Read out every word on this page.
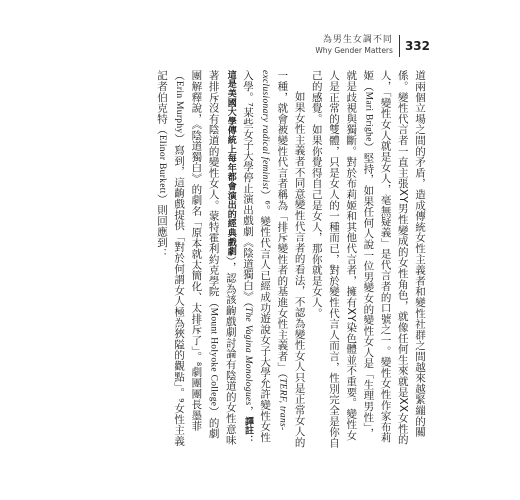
為男生女調不同
Why Gender Matters 332

道兩個立場之間的矛盾，造成傳統女性主義者和變性社群之間越來越緊繃的關係。變性代言者一直主張XY男性變成的女性角色，就像任何生來就是XX女性的人，「變性女人就是女人，毫無疑義」是代言者的口號之一。變性女性作家布莉姬（Mari Brighe）堅持，如果任何人說一位男變女的變性女人是「生理男性」，就是歧視與獨斷。對於布莉姬和其他代言者，擁有XY染色體並不重要。變性女人是正常的雙體，只是女人的一種而已，對於變性代言人而言，性別完全是你自己的感覺。如果你覺得自己是女人，那你就是女人。

如果女性主義者不同意變性代言者的看法，不認為變性女人只是正常女人的一種，就會被變性代言者稱為「排斥變性者的基進女性主義者」（TERF, trans-exclusionary radical feminist）⁶。變性代言人已經成功遊說女子大學允許變性女性入學。⁷某些女子大學停止演出戲劇《陰道獨白》（The Vagina Monologues，譯註：這是美國大學傳統上每年都會演出的經典戲劇），認為該齣戲劇討論有陰道的女性意味著排斥沒有陰道的變性女人。蒙特霍利約克學院（Mount Holyoke College）的劇團解釋說，《陰道獨白》的劇名「原本就太簡化、太排斥了」。⁸劇團團長墨菲（Erin Murphy）寫到，這齣戲提供「對於何謂女人極為狹隘的觀點」。⁹女性主義記者伯克特（Elinor Burkett）則回應到：
